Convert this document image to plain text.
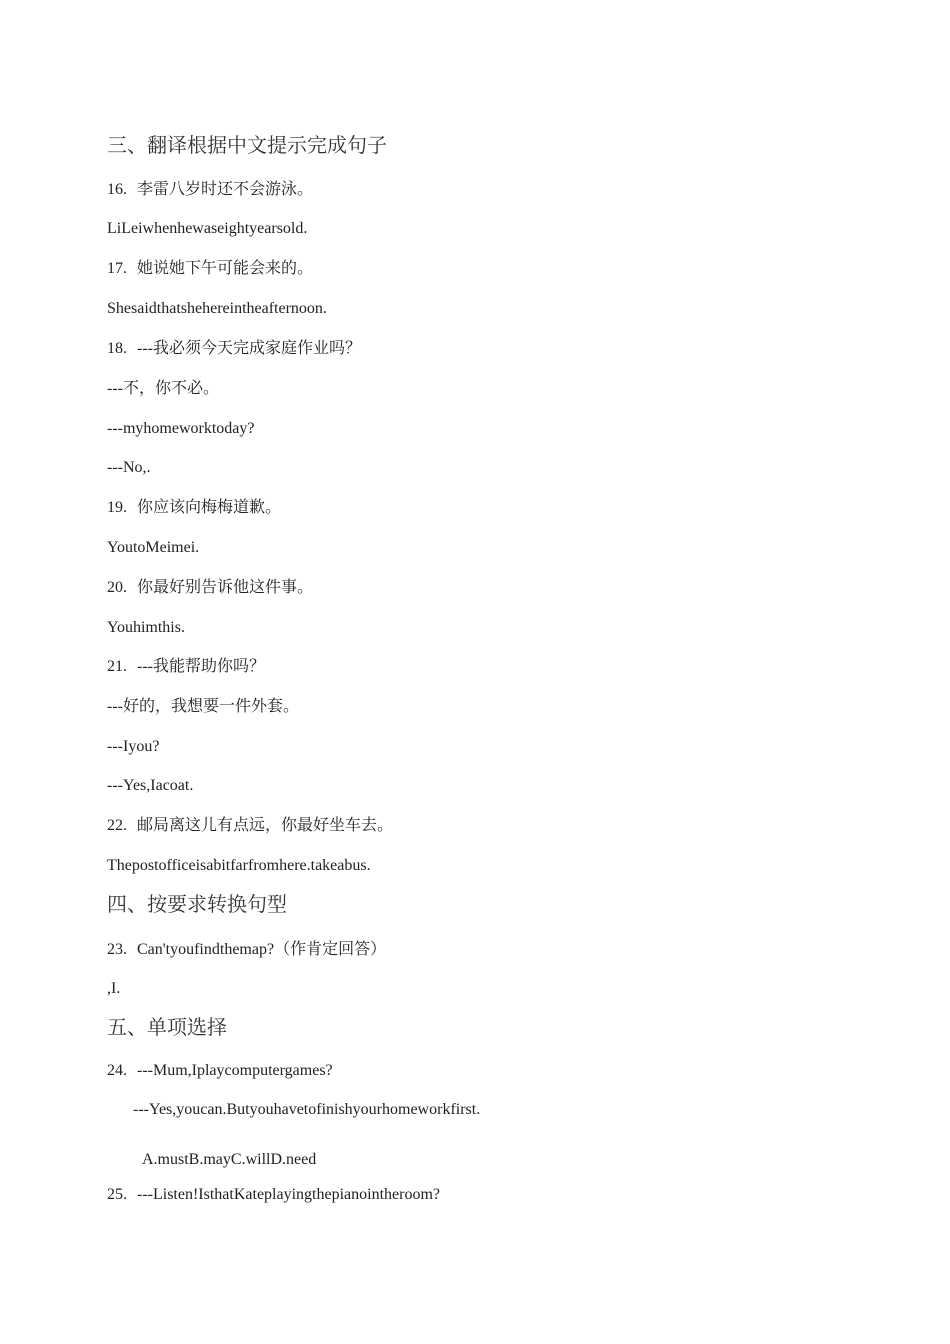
三、翻译根据中文提示完成句子
16. 李雷八岁时还不会游泳。
LiLeiwhenhewaseightyearsold.
17. 她说她下午可能会来的。
Shesaidthatshehereintheafternoon.
18. ---我必须今天完成家庭作业吗？
---不，你不必。
---myhomeworktoday?
---No,.
19. 你应该向梅梅道歉。
YoutoMeimei.
20. 你最好别告诉他这件事。
Youhimthis.
21. ---我能帮助你吗？
---好的，我想要一件外套。
---Iyou?
---Yes,Iacoat.
22. 邮局离这儿有点远，你最好坐车去。
Thepostofficeisabitfarfromhere.takeabus.
四、按要求转换句型
23. Can'tyoufindthemap?（作肯定回答）
,I.
五、单项选择
24. ---Mum,Iplaycomputergames?
---Yes,youcan.Butyouhavetofinishyourhomeworkfirst.
A.mustB.mayC.willD.need
25. ---Listen!IsthatKateplayingthepianointheroom?
